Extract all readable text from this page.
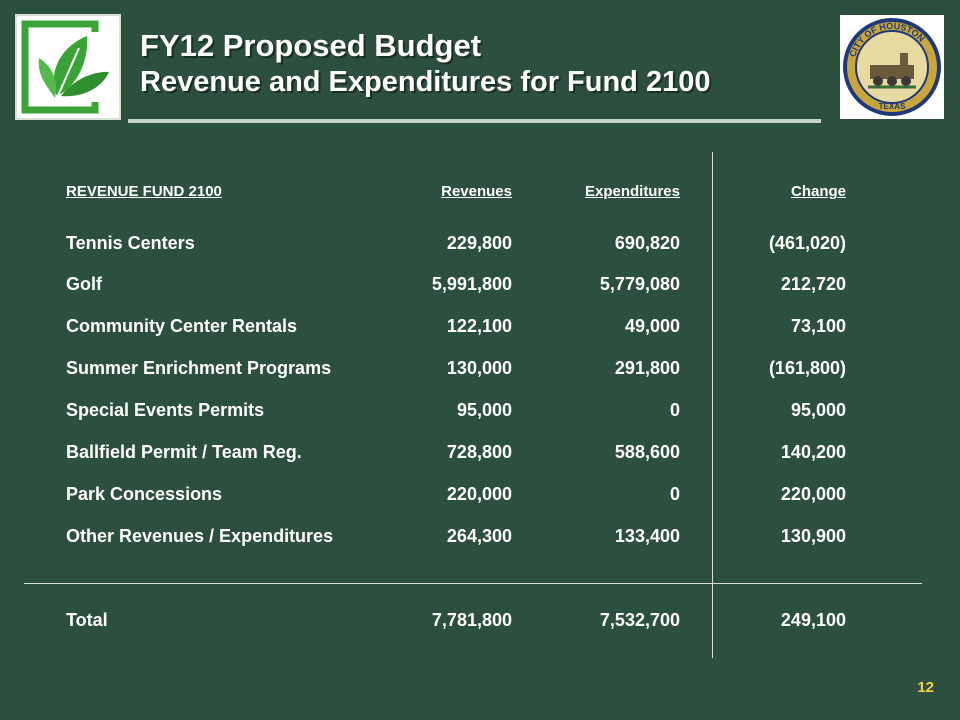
FY12 Proposed Budget
Revenue and Expenditures for Fund 2100
CITY OF HOUSTON
TEXAS
REVENUE FUND 2100	Revenues	Expenditures	Change
Tennis Centers	229,800	690,820	(461,020)
Golf	5,991,800	5,779,080	212,720
Community Center Rentals	122,100	49,000	73,100
Summer Enrichment Programs	130,000	291,800	(161,800)
Special Events Permits	95,000	0	95,000
Ballfield Permit / Team Reg.	728,800	588,600	140,200
Park Concessions	220,000	0	220,000
Other Revenues / Expenditures	264,300	133,400	130,900
Total	7,781,800	7,532,700	249,100
12
